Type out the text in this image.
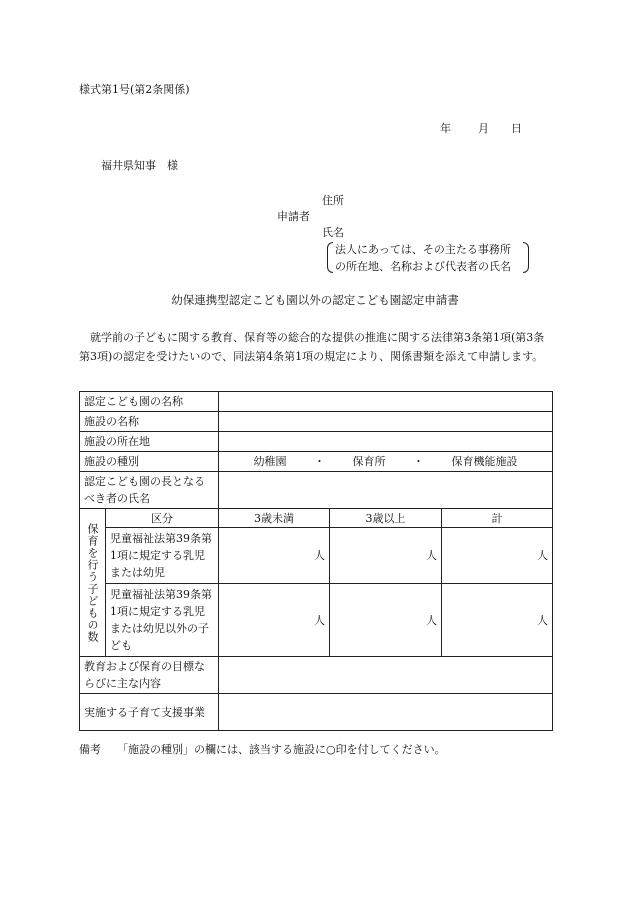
様式第1号(第2条関係)
年 月 日
福井県知事　様
住所
申請者
氏名
法人にあっては、その主たる事務所
の所在地、名称および代表者の氏名
幼保連携型認定こども園以外の認定こども園認定申請書
就学前の子どもに関する教育、保育等の総合的な提供の推進に関する法律第3条第1項(第3条第3項)の認定を受けたいので、同法第4条第1項の規定により、関係書類を添えて申請します。
認定こども園の名称				
施設の名称				
施設の所在地				
施設の種別		幼稚園 ・ 保育所 ・ 保育機能施設		
認定こども園の長となるべき者の氏名				

保育を行う子どもの数	区分	3歳未満	3歳以上	計
	児童福祉法第39条第1項に規定する乳児または幼児	人	人	人
	児童福祉法第39条第1項に規定する乳児または幼児以外の子ども	人	人	人
教育および保育の目標ならびに主な内容				
実施する子育て支援事業				
備考 「施設の種別」の欄には、該当する施設に○印を付してください。
